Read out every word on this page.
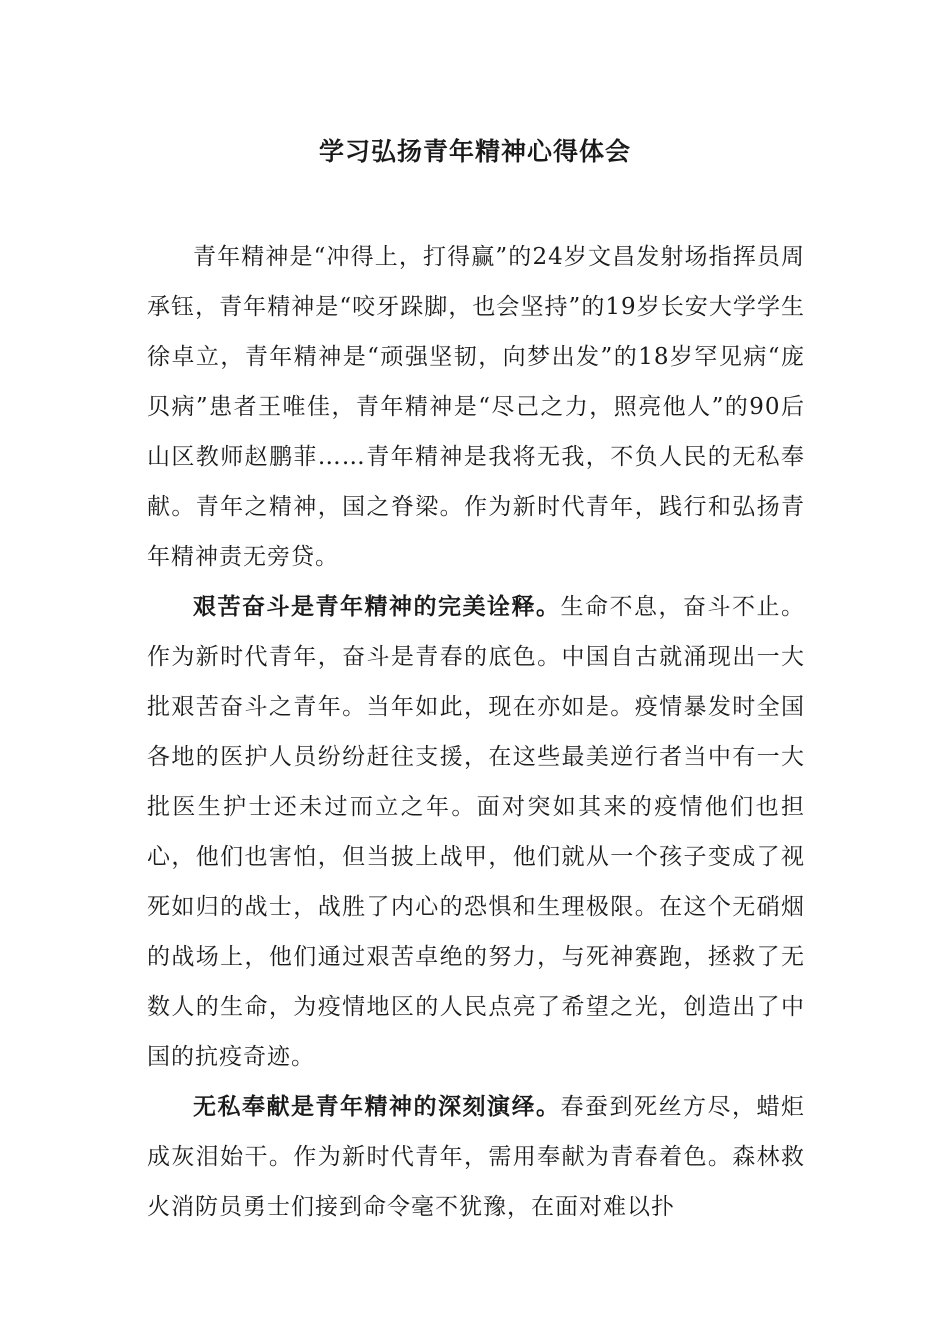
学习弘扬青年精神心得体会

青年精神是“冲得上，打得赢”的24岁文昌发射场指挥员周承钰，青年精神是“咬牙跺脚，也会坚持”的19岁长安大学学生徐卓立，青年精神是“顽强坚韧，向梦出发”的18岁罕见病“庞贝病”患者王唯佳，青年精神是“尽己之力，照亮他人”的90后山区教师赵鹏菲……青年精神是我将无我，不负人民的无私奉献。青年之精神，国之脊梁。作为新时代青年，践行和弘扬青年精神责无旁贷。

艰苦奋斗是青年精神的完美诠释。生命不息，奋斗不止。作为新时代青年，奋斗是青春的底色。中国自古就涌现出一大批艰苦奋斗之青年。当年如此，现在亦如是。疫情暴发时全国各地的医护人员纷纷赶往支援，在这些最美逆行者当中有一大批医生护士还未过而立之年。面对突如其来的疫情他们也担心，他们也害怕，但当披上战甲，他们就从一个孩子变成了视死如归的战士，战胜了内心的恐惧和生理极限。在这个无硝烟的战场上，他们通过艰苦卓绝的努力，与死神赛跑，拯救了无数人的生命，为疫情地区的人民点亮了希望之光，创造出了中国的抗疫奇迹。

无私奉献是青年精神的深刻演绎。春蚕到死丝方尽，蜡炬成灰泪始干。作为新时代青年，需用奉献为青春着色。森林救火消防员勇士们接到命令毫不犹豫，在面对难以扑
